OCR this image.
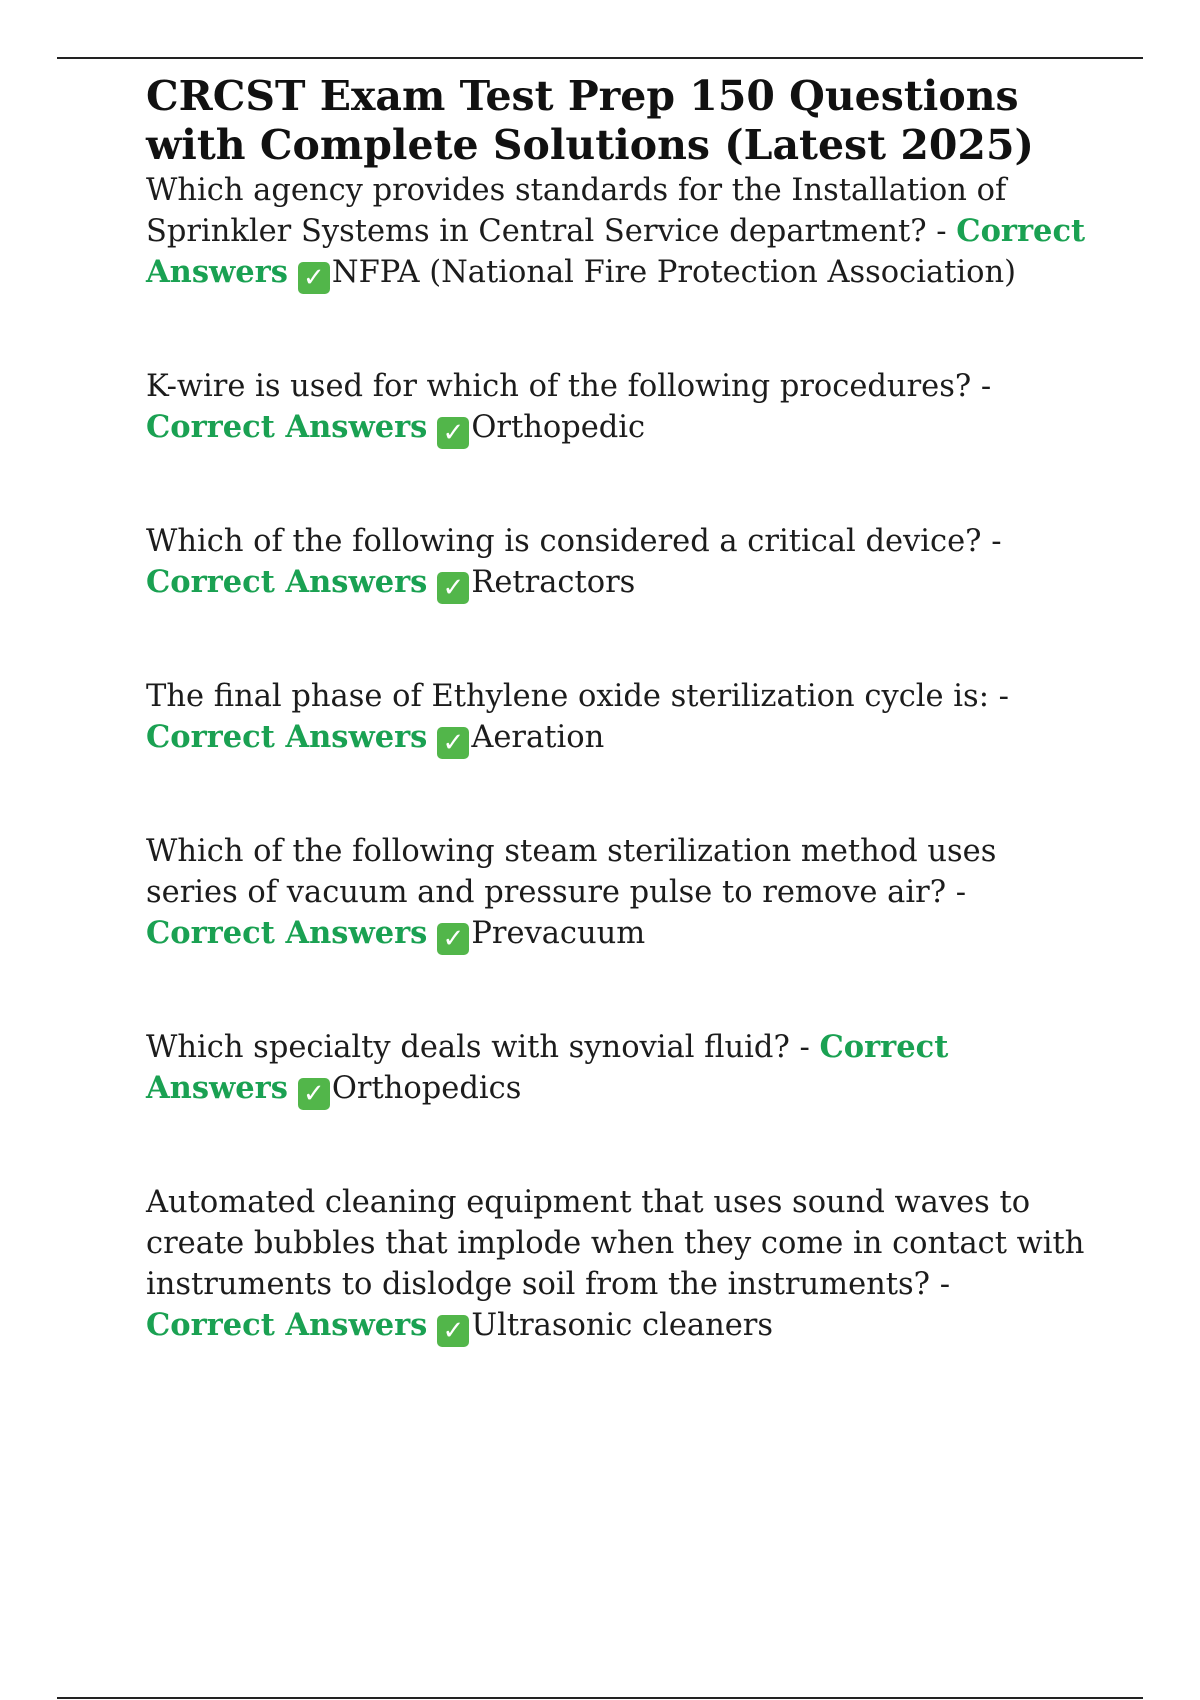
CRCST Exam Test Prep 150 Questions with Complete Solutions (Latest 2025)

Which agency provides standards for the Installation of Sprinkler Systems in Central Service department? - Correct Answers ✓ NFPA (National Fire Protection Association)

K-wire is used for which of the following procedures? - Correct Answers ✓ Orthopedic

Which of the following is considered a critical device? - Correct Answers ✓ Retractors

The final phase of Ethylene oxide sterilization cycle is: - Correct Answers ✓ Aeration

Which of the following steam sterilization method uses series of vacuum and pressure pulse to remove air? - Correct Answers ✓ Prevacuum

Which specialty deals with synovial fluid? - Correct Answers ✓ Orthopedics

Automated cleaning equipment that uses sound waves to create bubbles that implode when they come in contact with instruments to dislodge soil from the instruments? - Correct Answers ✓ Ultrasonic cleaners
